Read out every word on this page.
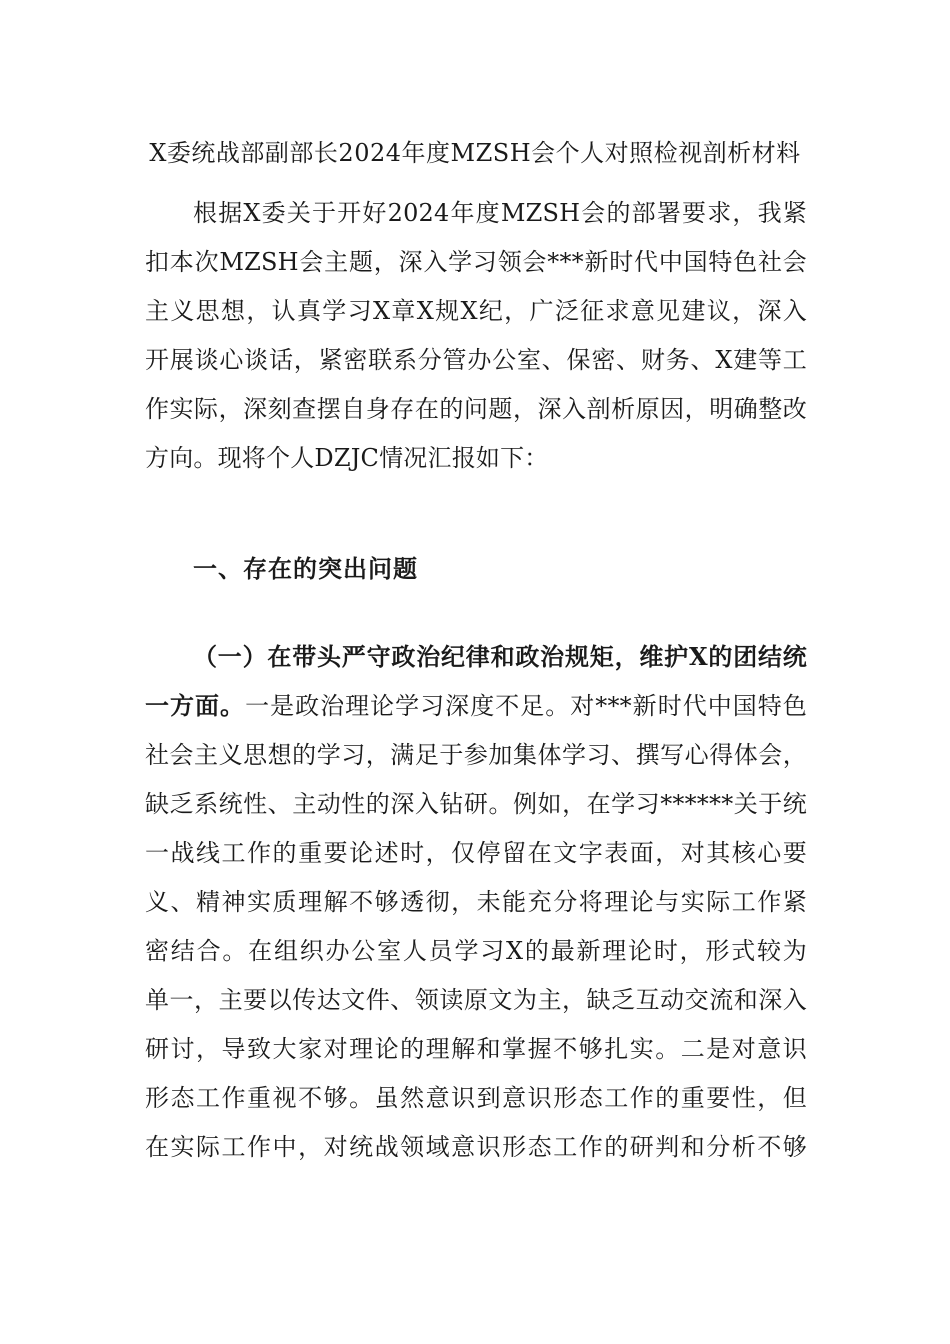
X委统战部副部长2024年度MZSH会个人对照检视剖析材料
根据X委关于开好2024年度MZSH会的部署要求，我紧
扣本次MZSH会主题，深入学习领会***新时代中国特色社会
主义思想，认真学习X章X规X纪，广泛征求意见建议，深入
开展谈心谈话，紧密联系分管办公室、保密、财务、X建等工
作实际，深刻查摆自身存在的问题，深入剖析原因，明确整改
方向。现将个人DZJC情况汇报如下：
一、存在的突出问题
（一）在带头严守政治纪律和政治规矩，维护X的团结统
一方面。一是政治理论学习深度不足。对***新时代中国特色
社会主义思想的学习，满足于参加集体学习、撰写心得体会，
缺乏系统性、主动性的深入钻研。例如，在学习******关于统
一战线工作的重要论述时，仅停留在文字表面，对其核心要
义、精神实质理解不够透彻，未能充分将理论与实际工作紧
密结合。在组织办公室人员学习X的最新理论时，形式较为
单一，主要以传达文件、领读原文为主，缺乏互动交流和深入
研讨，导致大家对理论的理解和掌握不够扎实。二是对意识
形态工作重视不够。虽然意识到意识形态工作的重要性，但
在实际工作中，对统战领域意识形态工作的研判和分析不够
